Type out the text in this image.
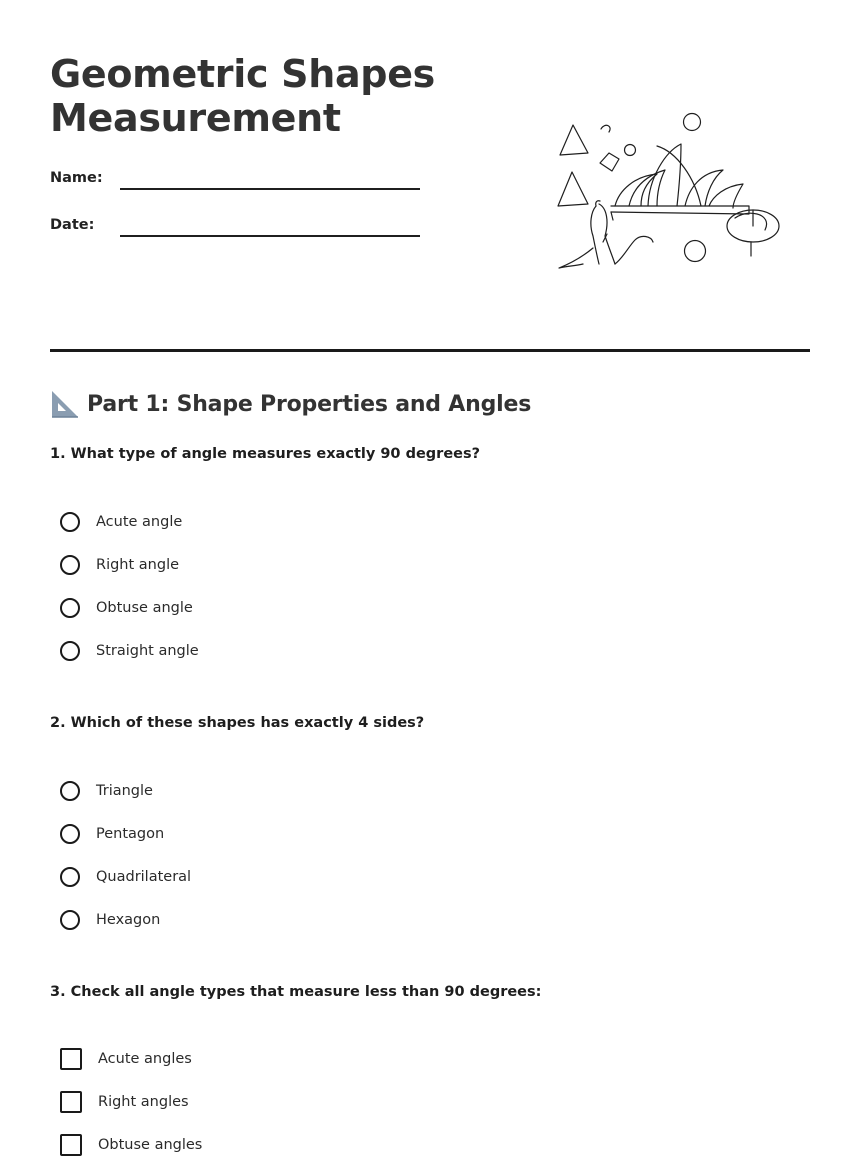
Geometric Shapes
Measurement
Name:
Date:
Part 1: Shape Properties and Angles
1. What type of angle measures exactly 90 degrees?
Acute angle
Right angle
Obtuse angle
Straight angle
2. Which of these shapes has exactly 4 sides?
Triangle
Pentagon
Quadrilateral
Hexagon
3. Check all angle types that measure less than 90 degrees:
Acute angles
Right angles
Obtuse angles
